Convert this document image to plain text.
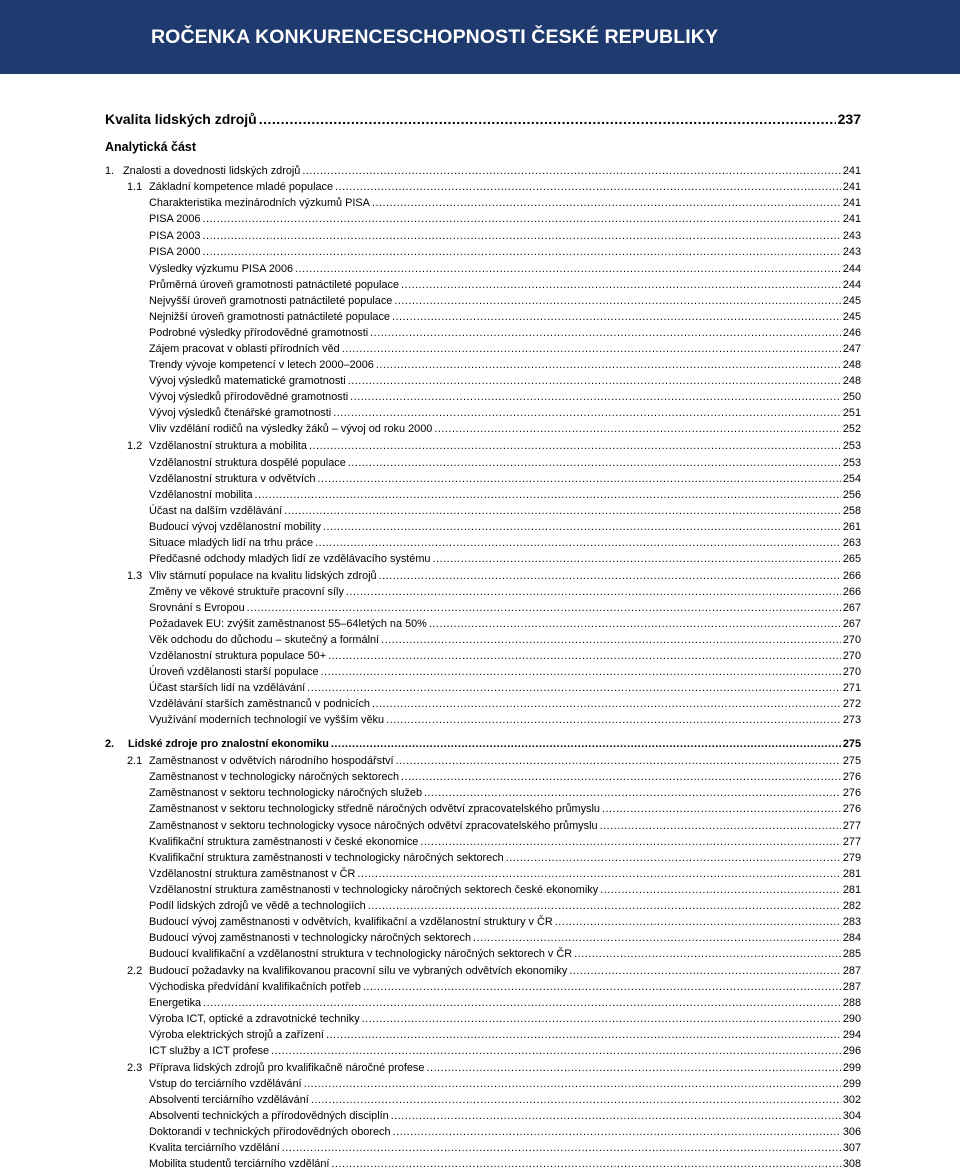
ROČENKA KONKURENCESCHOPNOSTI ČESKÉ REPUBLIKY
Kvalita lidských zdrojů .....	237
Analytická část
1. Znalosti a dovednosti lidských zdrojů .....	241
1.1 Základní kompetence mladé populace .....	241
Charakteristika mezinárodních výzkumů PISA .....	241
PISA 2006 .....	241
PISA 2003 .....	243
PISA 2000 .....	243
Výsledky výzkumu PISA 2006 .....	244
Průměrná úroveň gramotnosti patnáctileté populace .....	244
Nejvyšší úroveň gramotnosti patnáctileté populace .....	245
Nejnižší úroveň gramotnosti patnáctileté populace .....	245
Podrobné výsledky přírodovědné gramotnosti .....	246
Zájem pracovat v oblasti přírodních věd .....	247
Trendy vývoje kompetencí v letech 2000–2006 .....	248
Vývoj výsledků matematické gramotnosti .....	248
Vývoj výsledků přírodovědné gramotnosti .....	250
Vývoj výsledků čtenářské gramotnosti .....	251
Vliv vzdělání rodičů na výsledky žáků – vývoj od roku 2000 .....	252
1.2 Vzdělanostní struktura a mobilita .....	253
Vzdělanostní struktura dospělé populace .....	253
Vzdělanostní struktura v odvětvích .....	254
Vzdělanostní mobilita .....	256
Účast na dalším vzdělávání .....	258
Budoucí vývoj vzdělanostní mobility .....	261
Situace mladých lidí na trhu práce .....	263
Předčasné odchody mladých lidí ze vzdělávacího systému .....	265
1.3 Vliv stárnutí populace na kvalitu lidských zdrojů .....	266
Změny ve věkové struktuře pracovní síly .....	266
Srovnání s Evropou .....	267
Požadavek EU: zvýšit zaměstnanost 55–64letých na 50% .....	267
Věk odchodu do důchodu – skutečný a formální .....	270
Vzdělanostní struktura populace 50+ .....	270
Úroveň vzdělanosti starší populace .....	270
Účast starších lidí na vzdělávání .....	271
Vzdělávání starších zaměstnanců v podnicích .....	272
Využívání moderních technologií ve vyšším věku .....	273
2. Lidské zdroje pro znalostní ekonomiku .....	275
2.1 Zaměstnanost v odvětvích národního hospodářství .....	275
Zaměstnanost v technologicky náročných sektorech .....	276
Zaměstnanost v sektoru technologicky náročných služeb .....	276
Zaměstnanost v sektoru technologicky středně náročných odvětví zpracovatelského průmyslu .....	276
Zaměstnanost v sektoru technologicky vysoce náročných odvětví zpracovatelského průmyslu .....	277
Kvalifikační struktura zaměstnanosti v české ekonomice .....	277
Kvalifikační struktura zaměstnanosti v technologicky náročných sektorech .....	279
Vzdělanostní struktura zaměstnanost v ČR .....	281
Vzdělanostní struktura zaměstnanosti v technologicky náročných sektorech české ekonomiky .....	281
Podíl lidských zdrojů ve vědě a technologiích .....	282
Budoucí vývoj zaměstnanosti v odvětvích, kvalifikační a vzdělanostní struktury v ČR .....	283
Budoucí vývoj zaměstnanosti v technologicky náročných sektorech .....	284
Budoucí kvalifikační a vzdělanostní struktura v technologicky náročných sektorech v ČR .....	285
2.2 Budoucí požadavky na kvalifikovanou pracovní sílu ve vybraných odvětvích ekonomiky .....	287
Východiska předvídání kvalifikačních potřeb .....	287
Energetika .....	288
Výroba ICT, optické a zdravotnické techniky .....	290
Výroba elektrických strojů a zařízení .....	294
ICT služby a ICT profese .....	296
2.3 Příprava lidských zdrojů pro kvalifikačně náročné profese .....	299
Vstup do terciárního vzdělávání .....	299
Absolventi terciárního vzdělávání .....	302
Absolventi technických a přírodovědných disciplín .....	304
Doktorandi v technických přírodovědných oborech .....	306
Kvalita terciárního vzdělání .....	307
Mobilita studentů terciárního vzdělání .....	308
